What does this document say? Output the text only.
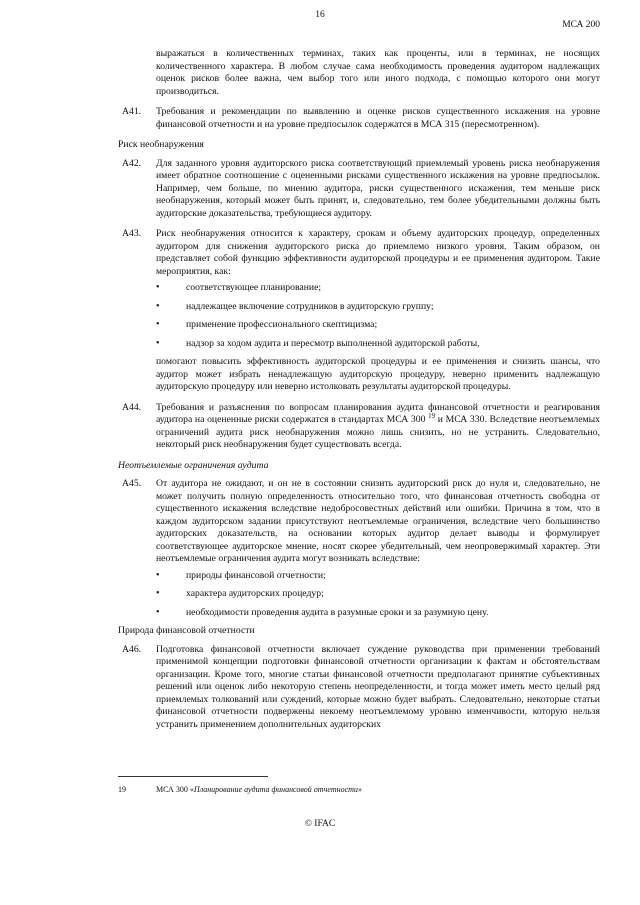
16
МСА 200
выражаться в количественных терминах, таких как проценты, или в терминах, не носящих количественного характера. В любом случае сама необходимость проведения аудитором надлежащих оценок рисков более важна, чем выбор того или иного подхода, с помощью которого они могут производиться.
A41.	Требования и рекомендации по выявлению и оценке рисков существенного искажения на уровне финансовой отчетности и на уровне предпосылок содержатся в МСА 315 (пересмотренном).
Риск необнаружения
A42.	Для заданного уровня аудиторского риска соответствующий приемлемый уровень риска необнаружения имеет обратное соотношение с оцененными рисками существенного искажения на уровне предпосылок. Например, чем больше, по мнению аудитора, риски существенного искажения, тем меньше риск необнаружения, который может быть принят, и, следовательно, тем более убедительными должны быть аудиторские доказательства, требующиеся аудитору.
A43.	Риск необнаружения относится к характеру, срокам и объему аудиторских процедур, определенных аудитором для снижения аудиторского риска до приемлемо низкого уровня. Таким образом, он представляет собой функцию эффективности аудиторской процедуры и ее применения аудитором. Такие мероприятия, как:
•	соответствующее планирование;
•	надлежащее включение сотрудников в аудиторскую группу;
•	применение профессионального скептицизма;
•	надзор за ходом аудита и пересмотр выполненной аудиторской работы,
помогают повысить эффективность аудиторской процедуры и ее применения и снизить шансы, что аудитор может избрать ненадлежащую аудиторскую процедуру, неверно применить надлежащую аудиторскую процедуру или неверно истолковать результаты аудиторской процедуры.
A44.	Требования и разъяснения по вопросам планирования аудита финансовой отчетности и реагирования аудитора на оцененные риски содержатся в стандартах МСА 300 $^{19}$ и МСА 330. Вследствие неотъемлемых ограничений аудита риск необнаружения можно лишь снизить, но не устранить. Следовательно, некоторый риск необнаружения будет существовать всегда.
Неотъемлемые ограничения аудита
A45.	От аудитора не ожидают, и он не в состоянии снизить аудиторский риск до нуля и, следовательно, не может получить полную определенность относительно того, что финансовая отчетность свободна от существенного искажения вследствие недобросовестных действий или ошибки. Причина в том, что в каждом аудиторском задании присутствуют неотъемлемые ограничения, вследствие чего большинство аудиторских доказательств, на основании которых аудитор делает выводы и формулирует соответствующее аудиторское мнение, носят скорее убедительный, чем неопровержимый характер. Эти неотъемлемые ограничения аудита могут возникать вследствие:
•	природы финансовой отчетности;
•	характера аудиторских процедур;
•	необходимости проведения аудита в разумные сроки и за разумную цену.
Природа финансовой отчетности
A46.	Подготовка финансовой отчетности включает суждение руководства при применении требований применимой концепции подготовки финансовой отчетности организации к фактам и обстоятельствам организации. Кроме того, многие статьи финансовой отчетности предполагают принятие субъективных решений или оценок либо некоторую степень неопределенности, и тогда может иметь место целый ряд приемлемых толкований или суждений, которые можно будет выбрать. Следовательно, некоторые статьи финансовой отчетности подвержены некоему неотъемлемому уровню изменчивости, которую нельзя устранить применением дополнительных аудиторских
19	МСА 300 «Планирование аудита финансовой отчетности»
© IFAC
